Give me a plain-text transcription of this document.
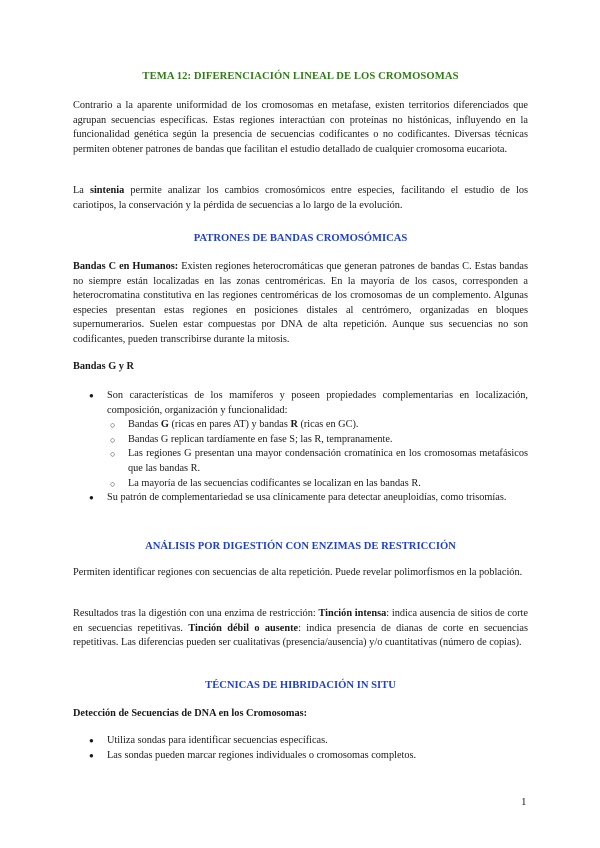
TEMA 12: DIFERENCIACIÓN LINEAL DE LOS CROMOSOMAS

Contrario a la aparente uniformidad de los cromosomas en metafase, existen territorios diferenciados que agrupan secuencias específicas. Estas regiones interactúan con proteínas no histónicas, influyendo en la funcionalidad genética según la presencia de secuencias codificantes o no codificantes. Diversas técnicas permiten obtener patrones de bandas que facilitan el estudio detallado de cualquier cromosoma eucariota.

La sintenia permite analizar los cambios cromosómicos entre especies, facilitando el estudio de los cariotipos, la conservación y la pérdida de secuencias a lo largo de la evolución.

PATRONES DE BANDAS CROMOSÓMICAS

Bandas C en Humanos: Existen regiones heterocromáticas que generan patrones de bandas C. Estas bandas no siempre están localizadas en las zonas centroméricas. En la mayoría de los casos, corresponden a heterocromatina constitutiva en las regiones centroméricas de los cromosomas de un complemento. Algunas especies presentan estas regiones en posiciones distales al centrómero, organizadas en bloques supernumerarios. Suelen estar compuestas por DNA de alta repetición. Aunque sus secuencias no son codificantes, pueden transcribirse durante la mitosis.

Bandas G y R
● Son características de los mamíferos y poseen propiedades complementarias en localización, composición, organización y funcionalidad:
○ Bandas G (ricas en pares AT) y bandas R (ricas en GC).
○ Bandas G replican tardíamente en fase S; las R, tempranamente.
○ Las regiones G presentan una mayor condensación cromatínica en los cromosomas metafásicos que las bandas R.
○ La mayoría de las secuencias codificantes se localizan en las bandas R.
● Su patrón de complementariedad se usa clínicamente para detectar aneuploidías, como trisomías.
ANÁLISIS POR DIGESTIÓN CON ENZIMAS DE RESTRICCIÓN

Permiten identificar regiones con secuencias de alta repetición. Puede revelar polimorfismos en la población.

Resultados tras la digestión con una enzima de restricción: Tinción intensa: indica ausencia de sitios de corte en secuencias repetitivas. Tinción débil o ausente: indica presencia de dianas de corte en secuencias repetitivas. Las diferencias pueden ser cualitativas (presencia/ausencia) y/o cuantitativas (número de copias).

TÉCNICAS DE HIBRIDACIÓN IN SITU
Detección de Secuencias de DNA en los Cromosomas:
● Utiliza sondas para identificar secuencias específicas.
● Las sondas pueden marcar regiones individuales o cromosomas completos.
1
